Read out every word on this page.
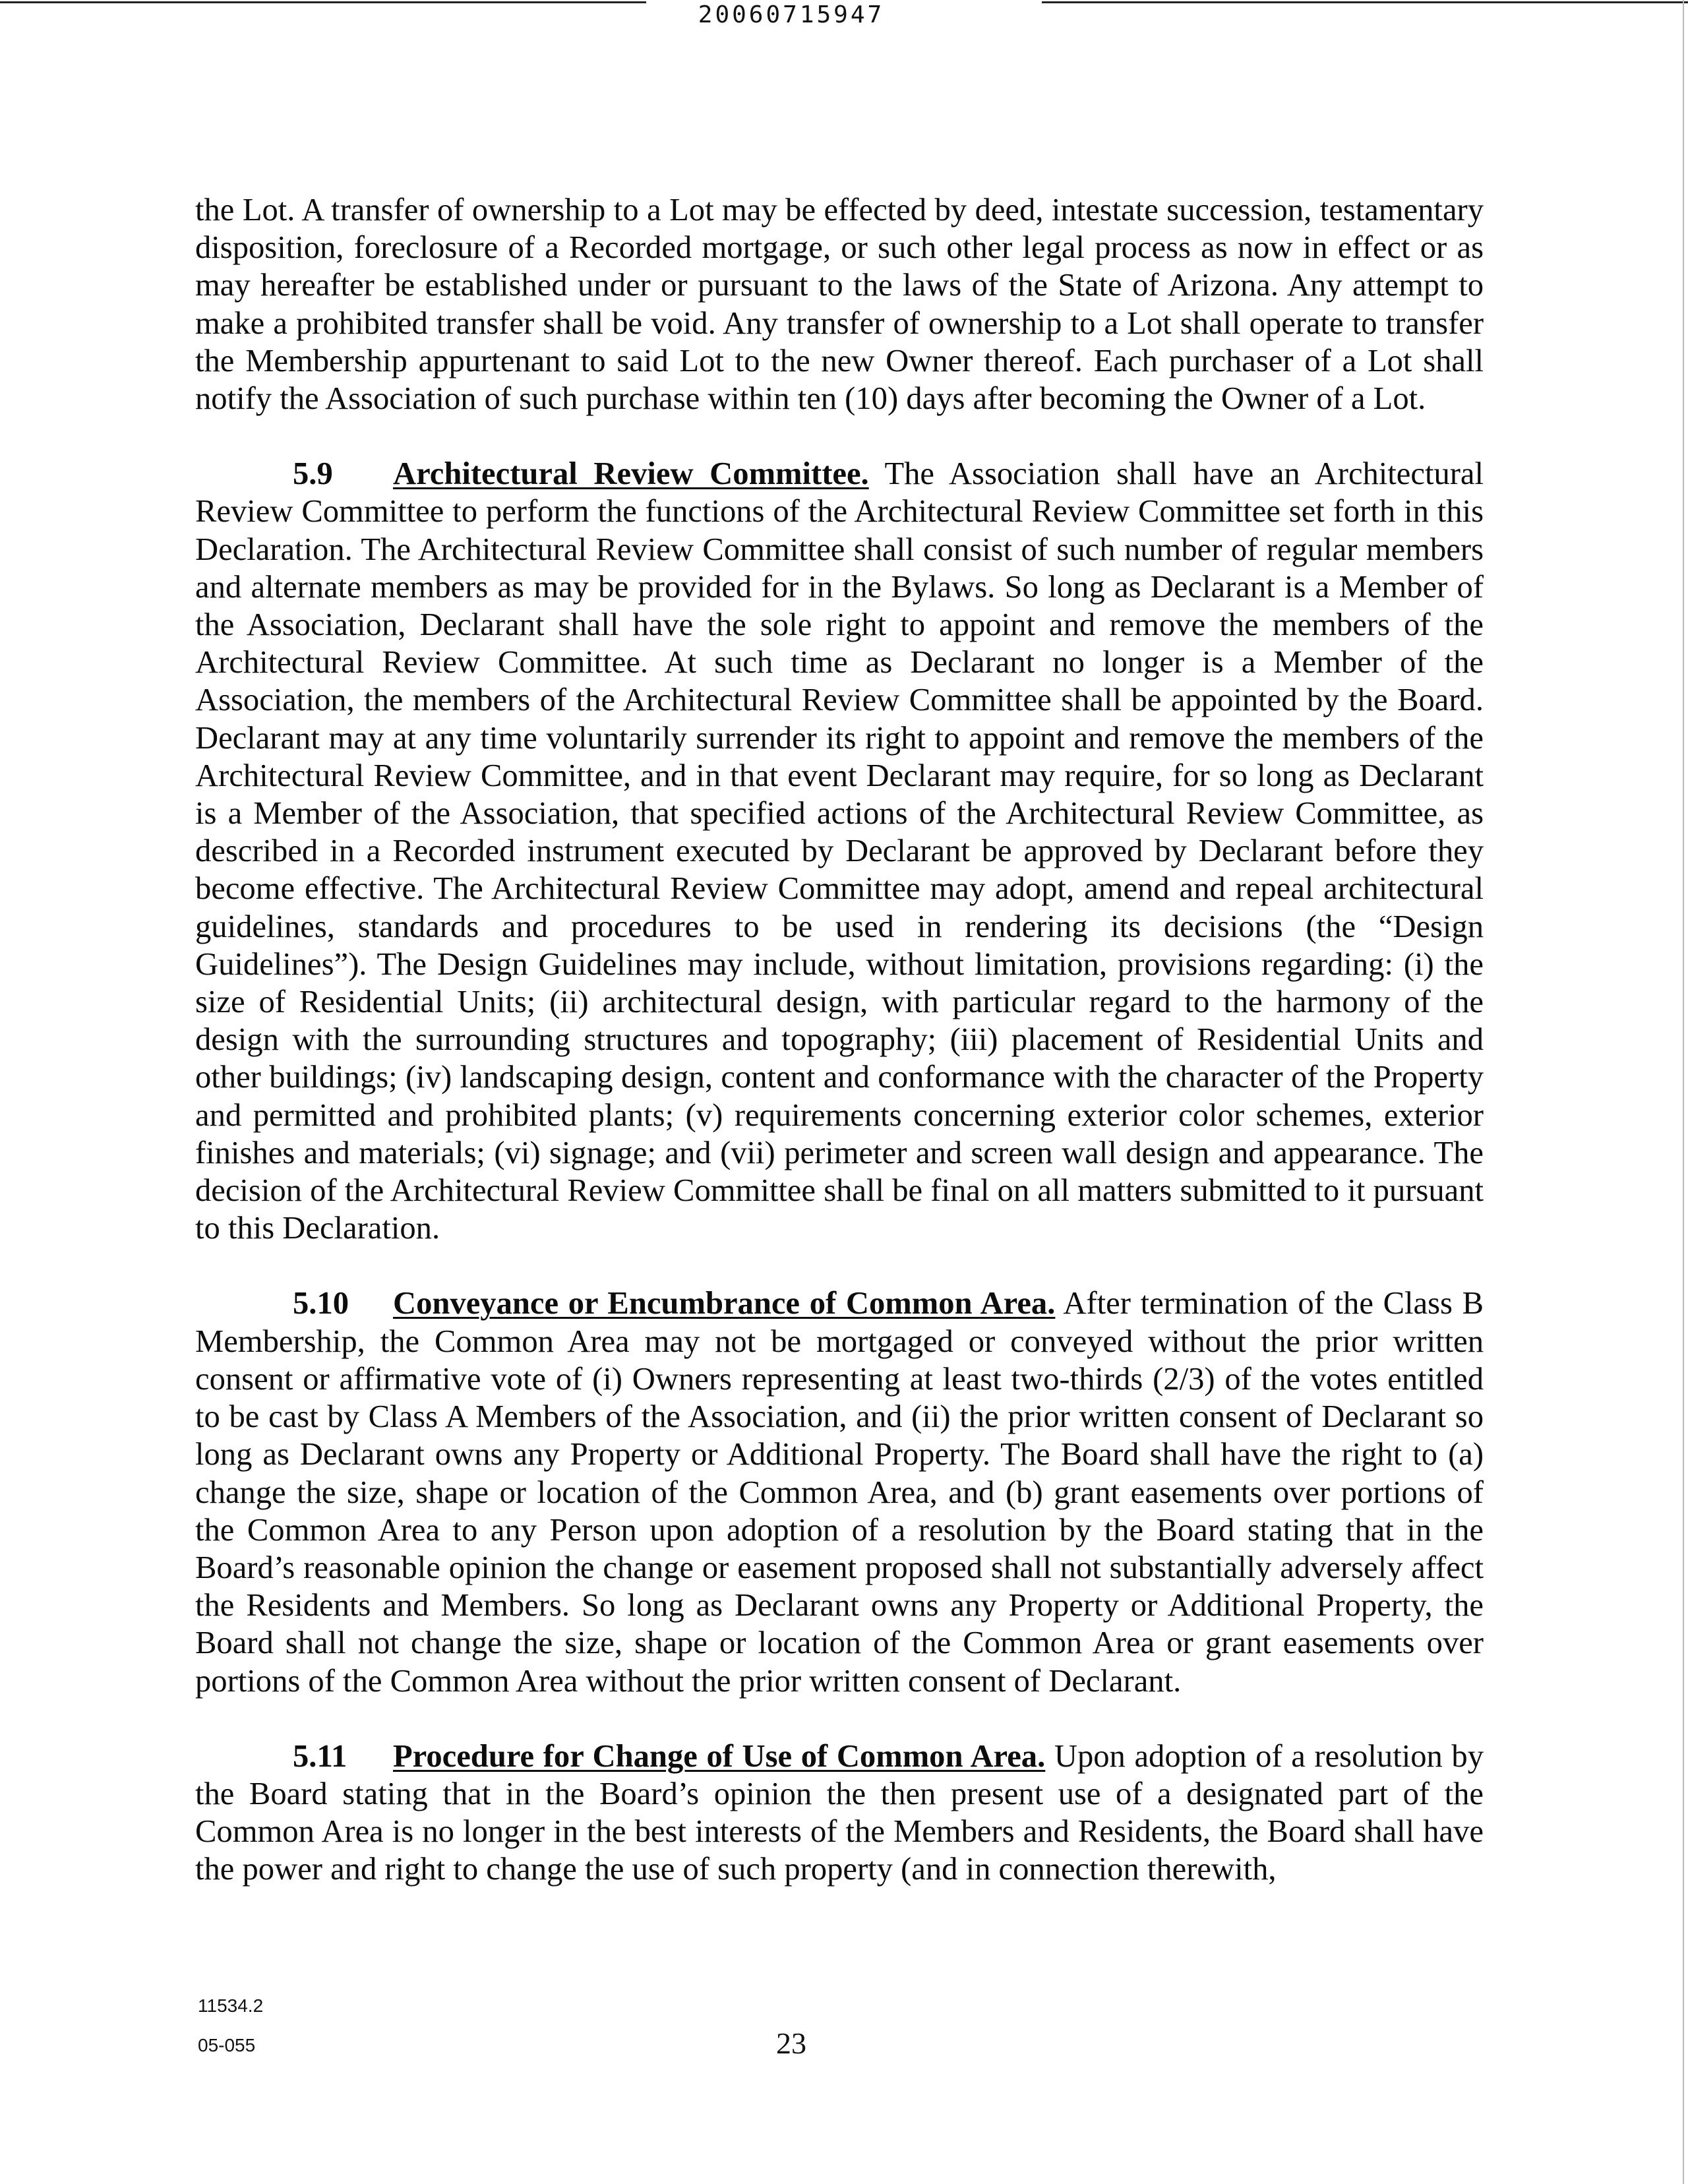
20060715947

the Lot. A transfer of ownership to a Lot may be effected by deed, intestate succession, testamentary disposition, foreclosure of a Recorded mortgage, or such other legal process as now in effect or as may hereafter be established under or pursuant to the laws of the State of Arizona. Any attempt to make a prohibited transfer shall be void. Any transfer of ownership to a Lot shall operate to transfer the Membership appurtenant to said Lot to the new Owner thereof. Each purchaser of a Lot shall notify the Association of such purchase within ten (10) days after becoming the Owner of a Lot.

5.9 Architectural Review Committee. The Association shall have an Architectural Review Committee to perform the functions of the Architectural Review Committee set forth in this Declaration. The Architectural Review Committee shall consist of such number of regular members and alternate members as may be provided for in the Bylaws. So long as Declarant is a Member of the Association, Declarant shall have the sole right to appoint and remove the members of the Architectural Review Committee. At such time as Declarant no longer is a Member of the Association, the members of the Architectural Review Committee shall be appointed by the Board. Declarant may at any time voluntarily surrender its right to appoint and remove the members of the Architectural Review Committee, and in that event Declarant may require, for so long as Declarant is a Member of the Association, that specified actions of the Architectural Review Committee, as described in a Recorded instrument executed by Declarant be approved by Declarant before they become effective. The Architectural Review Committee may adopt, amend and repeal architectural guidelines, standards and procedures to be used in rendering its decisions (the “Design Guidelines”). The Design Guidelines may include, without limitation, provisions regarding: (i) the size of Residential Units; (ii) architectural design, with particular regard to the harmony of the design with the surrounding structures and topography; (iii) placement of Residential Units and other buildings; (iv) landscaping design, content and conformance with the character of the Property and permitted and prohibited plants; (v) requirements concerning exterior color schemes, exterior finishes and materials; (vi) signage; and (vii) perimeter and screen wall design and appearance. The decision of the Architectural Review Committee shall be final on all matters submitted to it pursuant to this Declaration.

5.10 Conveyance or Encumbrance of Common Area. After termination of the Class B Membership, the Common Area may not be mortgaged or conveyed without the prior written consent or affirmative vote of (i) Owners representing at least two-thirds (2/3) of the votes entitled to be cast by Class A Members of the Association, and (ii) the prior written consent of Declarant so long as Declarant owns any Property or Additional Property. The Board shall have the right to (a) change the size, shape or location of the Common Area, and (b) grant easements over portions of the Common Area to any Person upon adoption of a resolution by the Board stating that in the Board’s reasonable opinion the change or easement proposed shall not substantially adversely affect the Residents and Members. So long as Declarant owns any Property or Additional Property, the Board shall not change the size, shape or location of the Common Area or grant easements over portions of the Common Area without the prior written consent of Declarant.

5.11 Procedure for Change of Use of Common Area. Upon adoption of a resolution by the Board stating that in the Board’s opinion the then present use of a designated part of the Common Area is no longer in the best interests of the Members and Residents, the Board shall have the power and right to change the use of such property (and in connection therewith,

11534.2
05-055	23
